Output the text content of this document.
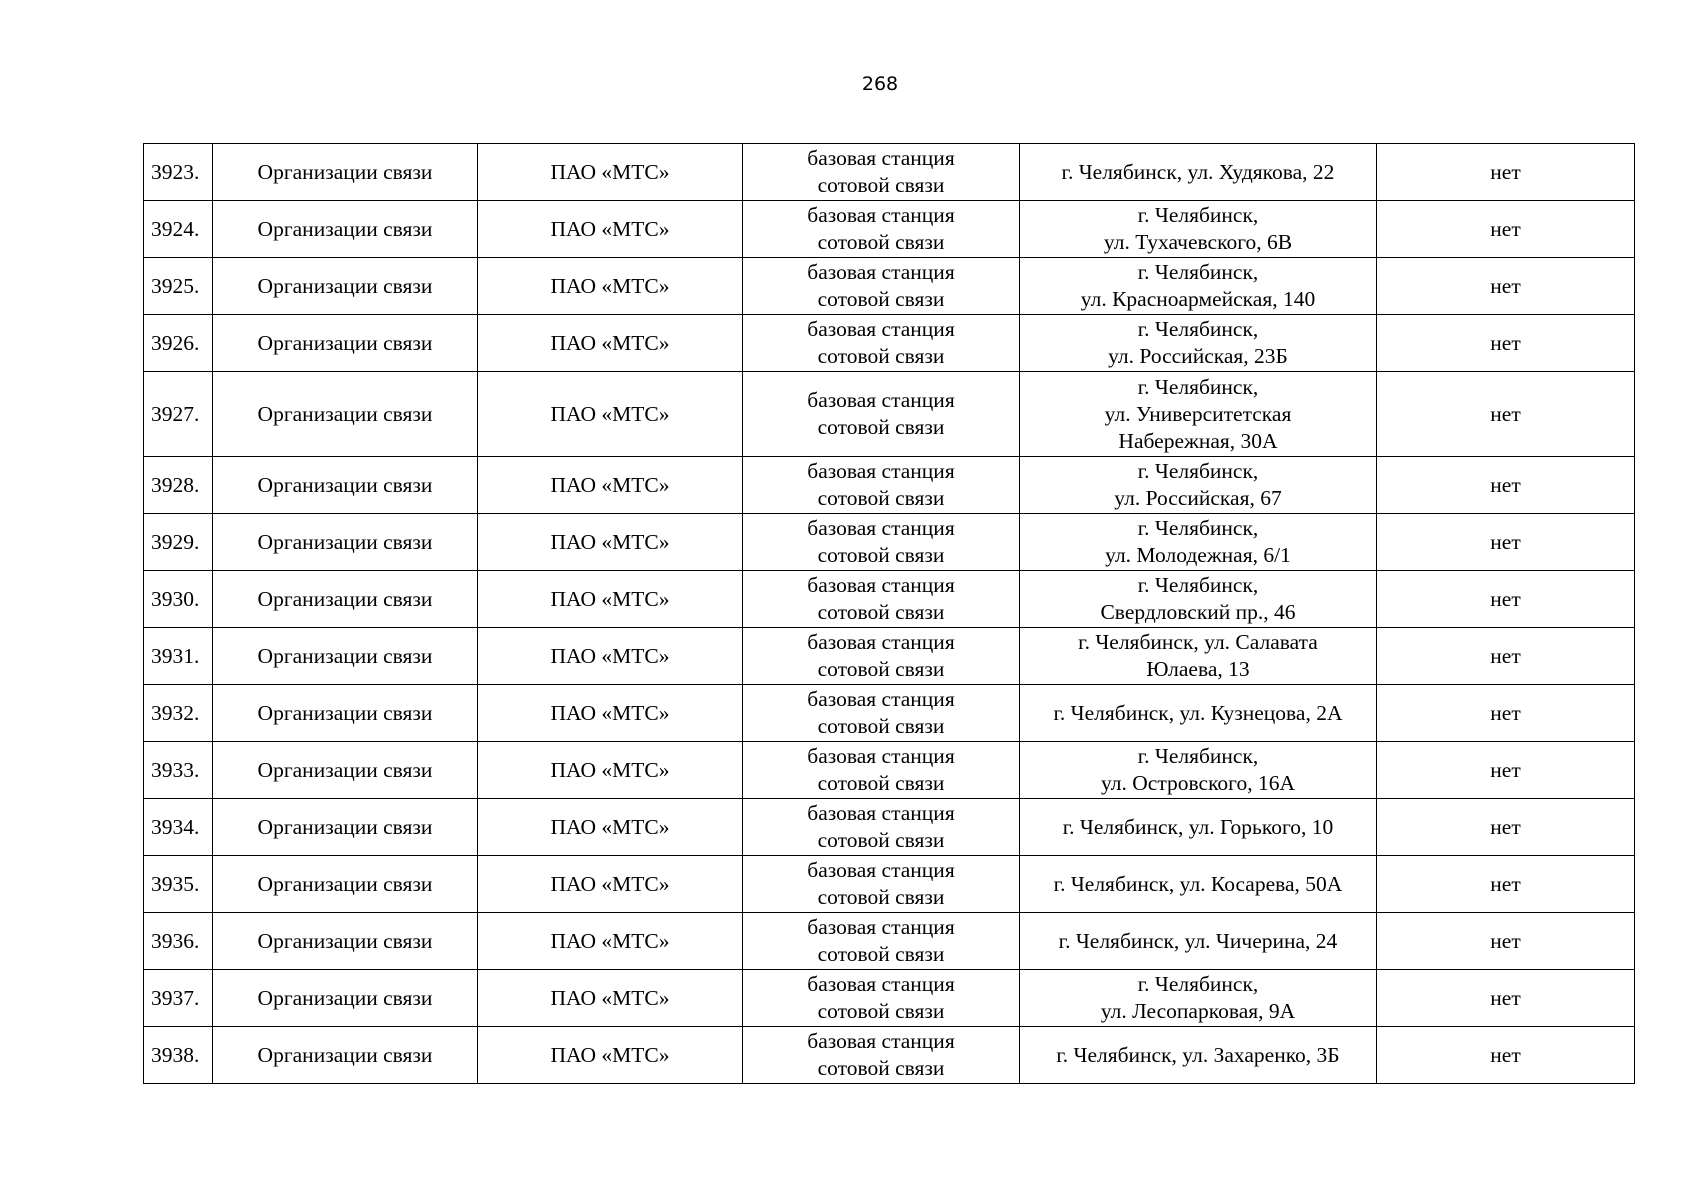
268
3923.	Организации связи	ПАО «МТС»	базовая станция
сотовой связи	г. Челябинск, ул. Худякова, 22	нет
3924.	Организации связи	ПАО «МТС»	базовая станция
сотовой связи	г. Челябинск,
ул. Тухачевского, 6В	нет
3925.	Организации связи	ПАО «МТС»	базовая станция
сотовой связи	г. Челябинск,
ул. Красноармейская, 140	нет
3926.	Организации связи	ПАО «МТС»	базовая станция
сотовой связи	г. Челябинск,
ул. Российская, 23Б	нет
3927.	Организации связи	ПАО «МТС»	базовая станция
сотовой связи	г. Челябинск,
ул. Университетская
Набережная, 30А	нет
3928.	Организации связи	ПАО «МТС»	базовая станция
сотовой связи	г. Челябинск,
ул. Российская, 67	нет
3929.	Организации связи	ПАО «МТС»	базовая станция
сотовой связи	г. Челябинск,
ул. Молодежная, 6/1	нет
3930.	Организации связи	ПАО «МТС»	базовая станция
сотовой связи	г. Челябинск,
Свердловский пр., 46	нет
3931.	Организации связи	ПАО «МТС»	базовая станция
сотовой связи	г. Челябинск, ул. Салавата
Юлаева, 13	нет
3932.	Организации связи	ПАО «МТС»	базовая станция
сотовой связи	г. Челябинск, ул. Кузнецова, 2А	нет
3933.	Организации связи	ПАО «МТС»	базовая станция
сотовой связи	г. Челябинск,
ул. Островского, 16А	нет
3934.	Организации связи	ПАО «МТС»	базовая станция
сотовой связи	г. Челябинск, ул. Горького, 10	нет
3935.	Организации связи	ПАО «МТС»	базовая станция
сотовой связи	г. Челябинск, ул. Косарева, 50А	нет
3936.	Организации связи	ПАО «МТС»	базовая станция
сотовой связи	г. Челябинск, ул. Чичерина, 24	нет
3937.	Организации связи	ПАО «МТС»	базовая станция
сотовой связи	г. Челябинск,
ул. Лесопарковая, 9А	нет
3938.	Организации связи	ПАО «МТС»	базовая станция
сотовой связи	г. Челябинск, ул. Захаренко, 3Б	нет
